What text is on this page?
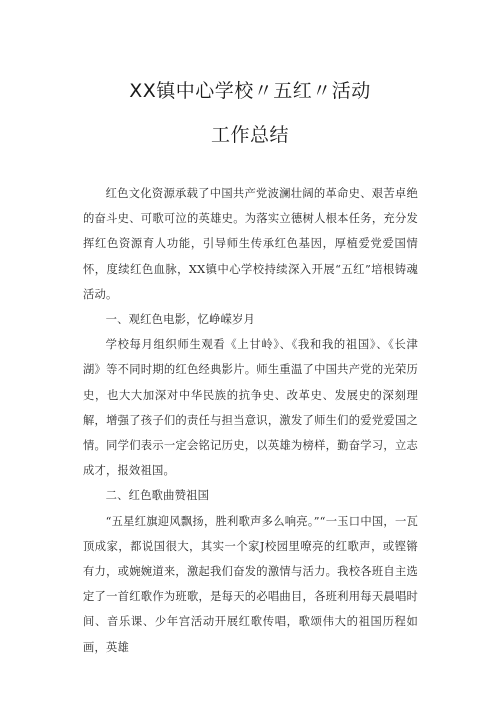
XX镇中心学校〃五红〃活动
工作总结

红色文化资源承载了中国共产党波澜壮阔的革命史、艰苦卓绝的奋斗史、可歌可泣的英雄史。为落实立德树人根本任务，充分发挥红色资源育人功能，引导师生传承红色基因，厚植爱党爱国情怀，度续红色血脉，XX镇中心学校持续深入开展“五红”培根铸魂活动。

一、观红色电影，忆峥嵘岁月

学校每月组织师生观看《上甘岭》、《我和我的祖国》、《长津湖》等不同时期的红色经典影片。师生重温了中国共产党的光荣历史，也大大加深对中华民族的抗争史、改革史、发展史的深刻理解，增强了孩子们的责任与担当意识，激发了师生们的爱党爱国之情。同学们表示一定会铭记历史，以英雄为榜样，勤奋学习，立志成才，报效祖国。

二、红色歌曲赞祖国

“五星红旗迎风飘扬，胜利歌声多么响亮。”“一玉口中国，一瓦顶成家，都说国很大，其实一个家J校园里嘹亮的红歌声，或铿锵有力，或婉婉道来，激起我们奋发的激情与活力。我校各班自主选定了一首红歌作为班歌，是每天的必唱曲目，各班利用每天晨唱时间、音乐课、少年宫活动开展红歌传唱，歌颂伟大的祖国历程如画，英雄
